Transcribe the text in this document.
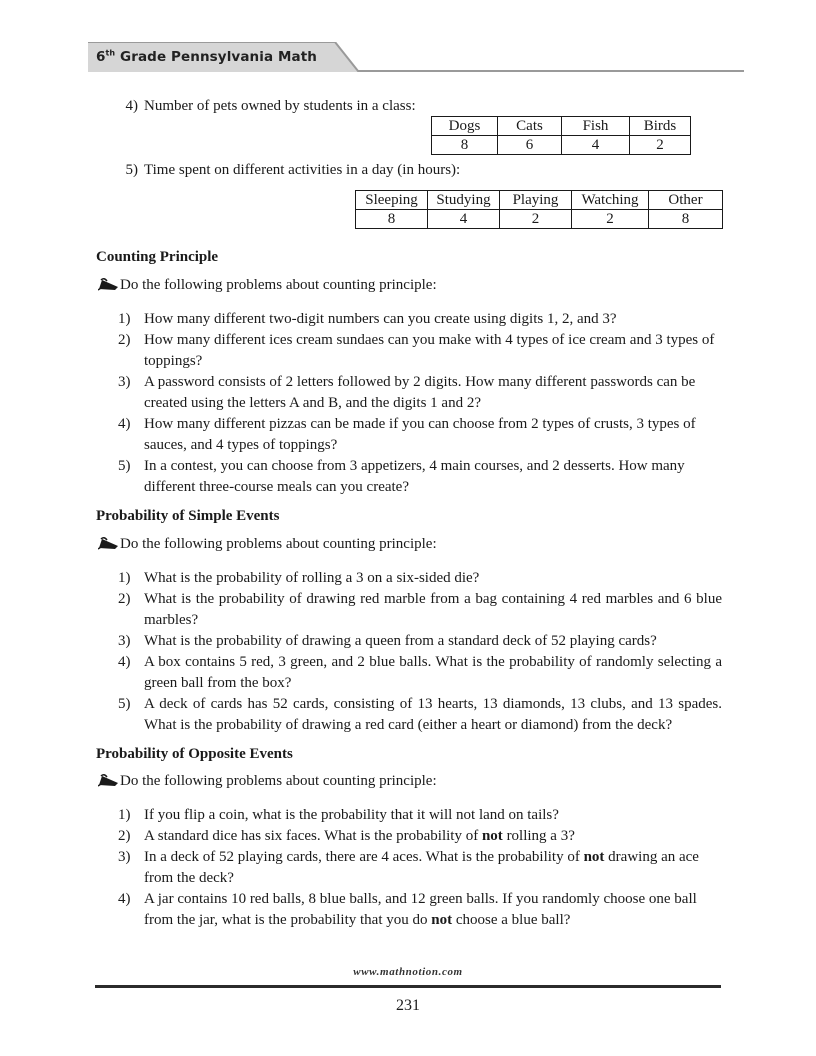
6th Grade Pennsylvania Math
4) Number of pets owned by students in a class:
Dogs	Cats	Fish	Birds
8	6	4	2
5) Time spent on different activities in a day (in hours):
Sleeping	Studying	Playing	Watching	Other
8	4	2	2	8
Counting Principle
Do the following problems about counting principle:
1) How many different two-digit numbers can you create using digits 1, 2, and 3?
2) How many different ices cream sundaes can you make with 4 types of ice cream and 3 types of toppings?
3) A password consists of 2 letters followed by 2 digits. How many different passwords can be created using the letters A and B, and the digits 1 and 2?
4) How many different pizzas can be made if you can choose from 2 types of crusts, 3 types of sauces, and 4 types of toppings?
5) In a contest, you can choose from 3 appetizers, 4 main courses, and 2 desserts. How many different three-course meals can you create?
Probability of Simple Events
Do the following problems about counting principle:
1) What is the probability of rolling a 3 on a six-sided die?
2) What is the probability of drawing red marble from a bag containing 4 red marbles and 6 blue marbles?
3) What is the probability of drawing a queen from a standard deck of 52 playing cards?
4) A box contains 5 red, 3 green, and 2 blue balls. What is the probability of randomly selecting a green ball from the box?
5) A deck of cards has 52 cards, consisting of 13 hearts, 13 diamonds, 13 clubs, and 13 spades. What is the probability of drawing a red card (either a heart or diamond) from the deck?
Probability of Opposite Events
Do the following problems about counting principle:
1) If you flip a coin, what is the probability that it will not land on tails?
2) A standard dice has six faces. What is the probability of not rolling a 3?
3) In a deck of 52 playing cards, there are 4 aces. What is the probability of not drawing an ace from the deck?
4) A jar contains 10 red balls, 8 blue balls, and 12 green balls. If you randomly choose one ball from the jar, what is the probability that you do not choose a blue ball?
www.mathnotion.com
231
